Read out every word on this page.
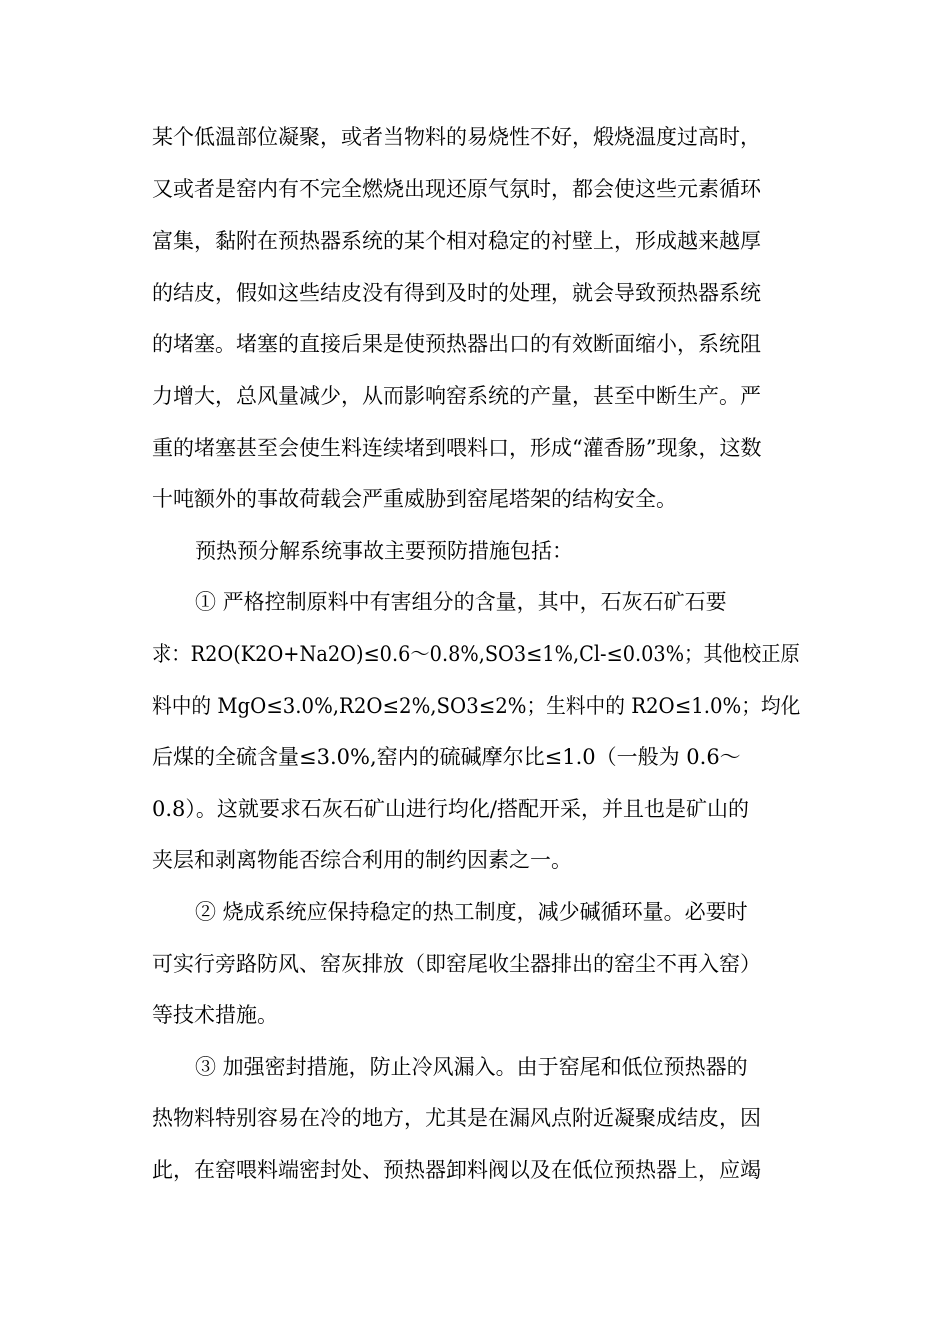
某个低温部位凝聚，或者当物料的易烧性不好，煅烧温度过高时，
又或者是窑内有不完全燃烧出现还原气氛时，都会使这些元素循环
富集，黏附在预热器系统的某个相对稳定的衬壁上，形成越来越厚
的结皮，假如这些结皮没有得到及时的处理，就会导致预热器系统
的堵塞。堵塞的直接后果是使预热器出口的有效断面缩小，系统阻
力增大，总风量减少，从而影响窑系统的产量，甚至中断生产。严
重的堵塞甚至会使生料连续堵到喂料口，形成“灌香肠”现象，这数
十吨额外的事故荷载会严重威胁到窑尾塔架的结构安全。
预热预分解系统事故主要预防措施包括：
① 严格控制原料中有害组分的含量，其中，石灰石矿石要
求：R2O(K2O+Na2O)≤0.6～0.8%,SO3≤1%,Cl-≤0.03%；其他校正原
料中的 MgO≤3.0%,R2O≤2%,SO3≤2%；生料中的 R2O≤1.0%；均化
后煤的全硫含量≤3.0%,窑内的硫碱摩尔比≤1.0（一般为 0.6～
0.8）。这就要求石灰石矿山进行均化/搭配开采，并且也是矿山的
夹层和剥离物能否综合利用的制约因素之一。
② 烧成系统应保持稳定的热工制度，减少碱循环量。必要时
可实行旁路防风、窑灰排放（即窑尾收尘器排出的窑尘不再入窑）
等技术措施。
③ 加强密封措施，防止冷风漏入。由于窑尾和低位预热器的
热物料特别容易在冷的地方，尤其是在漏风点附近凝聚成结皮，因
此，在窑喂料端密封处、预热器卸料阀以及在低位预热器上，应竭
